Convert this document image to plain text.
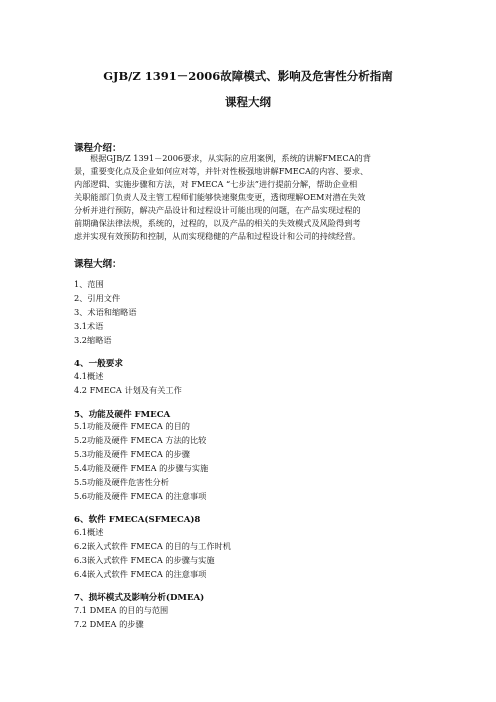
GJB/Z 1391－2006故障模式、影响及危害性分析指南
课程大纲
课程介绍：
根据GJB/Z 1391－2006要求，从实际的应用案例，系统的讲解FMECA的背
景，重要变化点及企业如何应对等，并针对性极强地讲解FMECA的内容、要求、
内部逻辑、实施步骤和方法，对 FMECA “七步法”进行提前分解，帮助企业相
关职能部门负责人及主管工程师们能够快速聚焦变更，透彻理解OEM对潜在失效
分析并进行预防，解决产品设计和过程设计可能出现的问题，在产品实现过程的
前期确保法律法规，系统的，过程的，以及产品的相关的失效模式及风险得到考
虑并实现有效预防和控制，从而实现稳健的产品和过程设计和公司的持续经营。
课程大纲：
1、范围
2、引用文件
3、术语和缩略语
3.1术语
3.2缩略语
4、一般要求
4.1概述
4.2 FMECA 计划及有关工作
5、功能及硬件 FMECA
5.1功能及硬件 FMECA 的目的
5.2功能及硬件 FMECA 方法的比较
5.3功能及硬件 FMECA 的步骤
5.4功能及硬件 FMEA 的步骤与实施
5.5功能及硬件危害性分析
5.6功能及硬件 FMECA 的注意事项
6、软件 FMECA(SFMECA)8
6.1概述
6.2嵌入式软件 FMECA 的目的与工作时机
6.3嵌入式软件 FMECA 的步骤与实施
6.4嵌入式软件 FMECA 的注意事项
7、损坏模式及影响分析(DMEA)
7.1 DMEA 的目的与范围
7.2 DMEA 的步骤
